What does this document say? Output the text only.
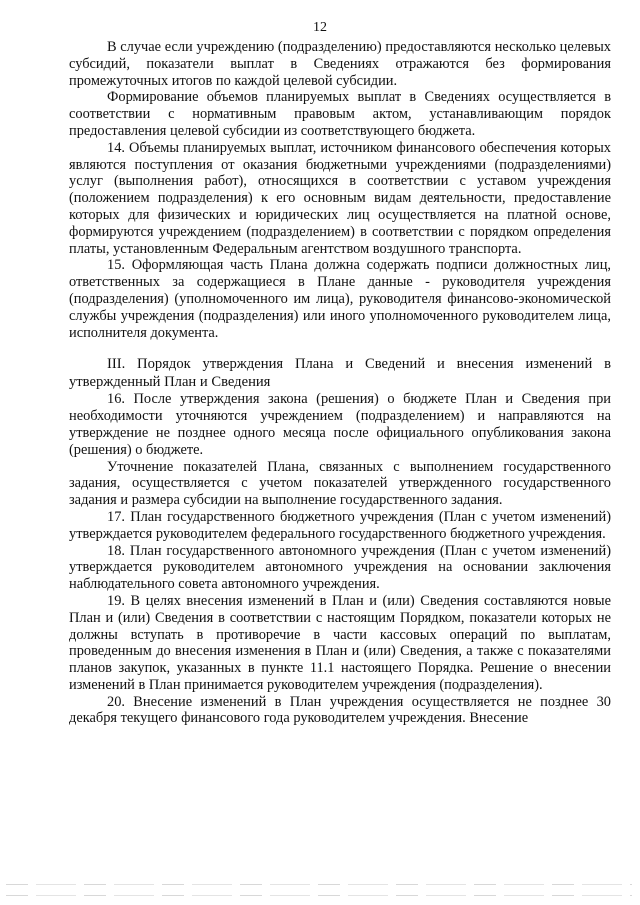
12

В случае если учреждению (подразделению) предоставляются несколько целевых субсидий, показатели выплат в Сведениях отражаются без формирования промежуточных итогов по каждой целевой субсидии.

Формирование объемов планируемых выплат в Сведениях осуществляется в соответствии с нормативным правовым актом, устанавливающим порядок предоставления целевой субсидии из соответствующего бюджета.

14. Объемы планируемых выплат, источником финансового обеспечения которых являются поступления от оказания бюджетными учреждениями (подразделениями) услуг (выполнения работ), относящихся в соответствии с уставом учреждения (положением подразделения) к его основным видам деятельности, предоставление которых для физических и юридических лиц осуществляется на платной основе, формируются учреждением (подразделением) в соответствии с порядком определения платы, установленным Федеральным агентством воздушного транспорта.

15. Оформляющая часть Плана должна содержать подписи должностных лиц, ответственных за содержащиеся в Плане данные - руководителя учреждения (подразделения) (уполномоченного им лица), руководителя финансово-экономической службы учреждения (подразделения) или иного уполномоченного руководителем лица, исполнителя документа.

III. Порядок утверждения Плана и Сведений и внесения изменений в утвержденный План и Сведения

16. После утверждения закона (решения) о бюджете План и Сведения при необходимости уточняются учреждением (подразделением) и направляются на утверждение не позднее одного месяца после официального опубликования закона (решения) о бюджете.

Уточнение показателей Плана, связанных с выполнением государственного задания, осуществляется с учетом показателей утвержденного государственного задания и размера субсидии на выполнение государственного задания.

17. План государственного бюджетного учреждения (План с учетом изменений) утверждается руководителем федерального государственного бюджетного учреждения.

18. План государственного автономного учреждения (План с учетом изменений) утверждается руководителем автономного учреждения на основании заключения наблюдательного совета автономного учреждения.

19. В целях внесения изменений в План и (или) Сведения составляются новые План и (или) Сведения в соответствии с настоящим Порядком, показатели которых не должны вступать в противоречие в части кассовых операций по выплатам, проведенным до внесения изменения в План и (или) Сведения, а также с показателями планов закупок, указанных в пункте 11.1 настоящего Порядка. Решение о внесении изменений в План принимается руководителем учреждения (подразделения).

20. Внесение изменений в План учреждения осуществляется не позднее 30 декабря текущего финансового года руководителем учреждения. Внесение
